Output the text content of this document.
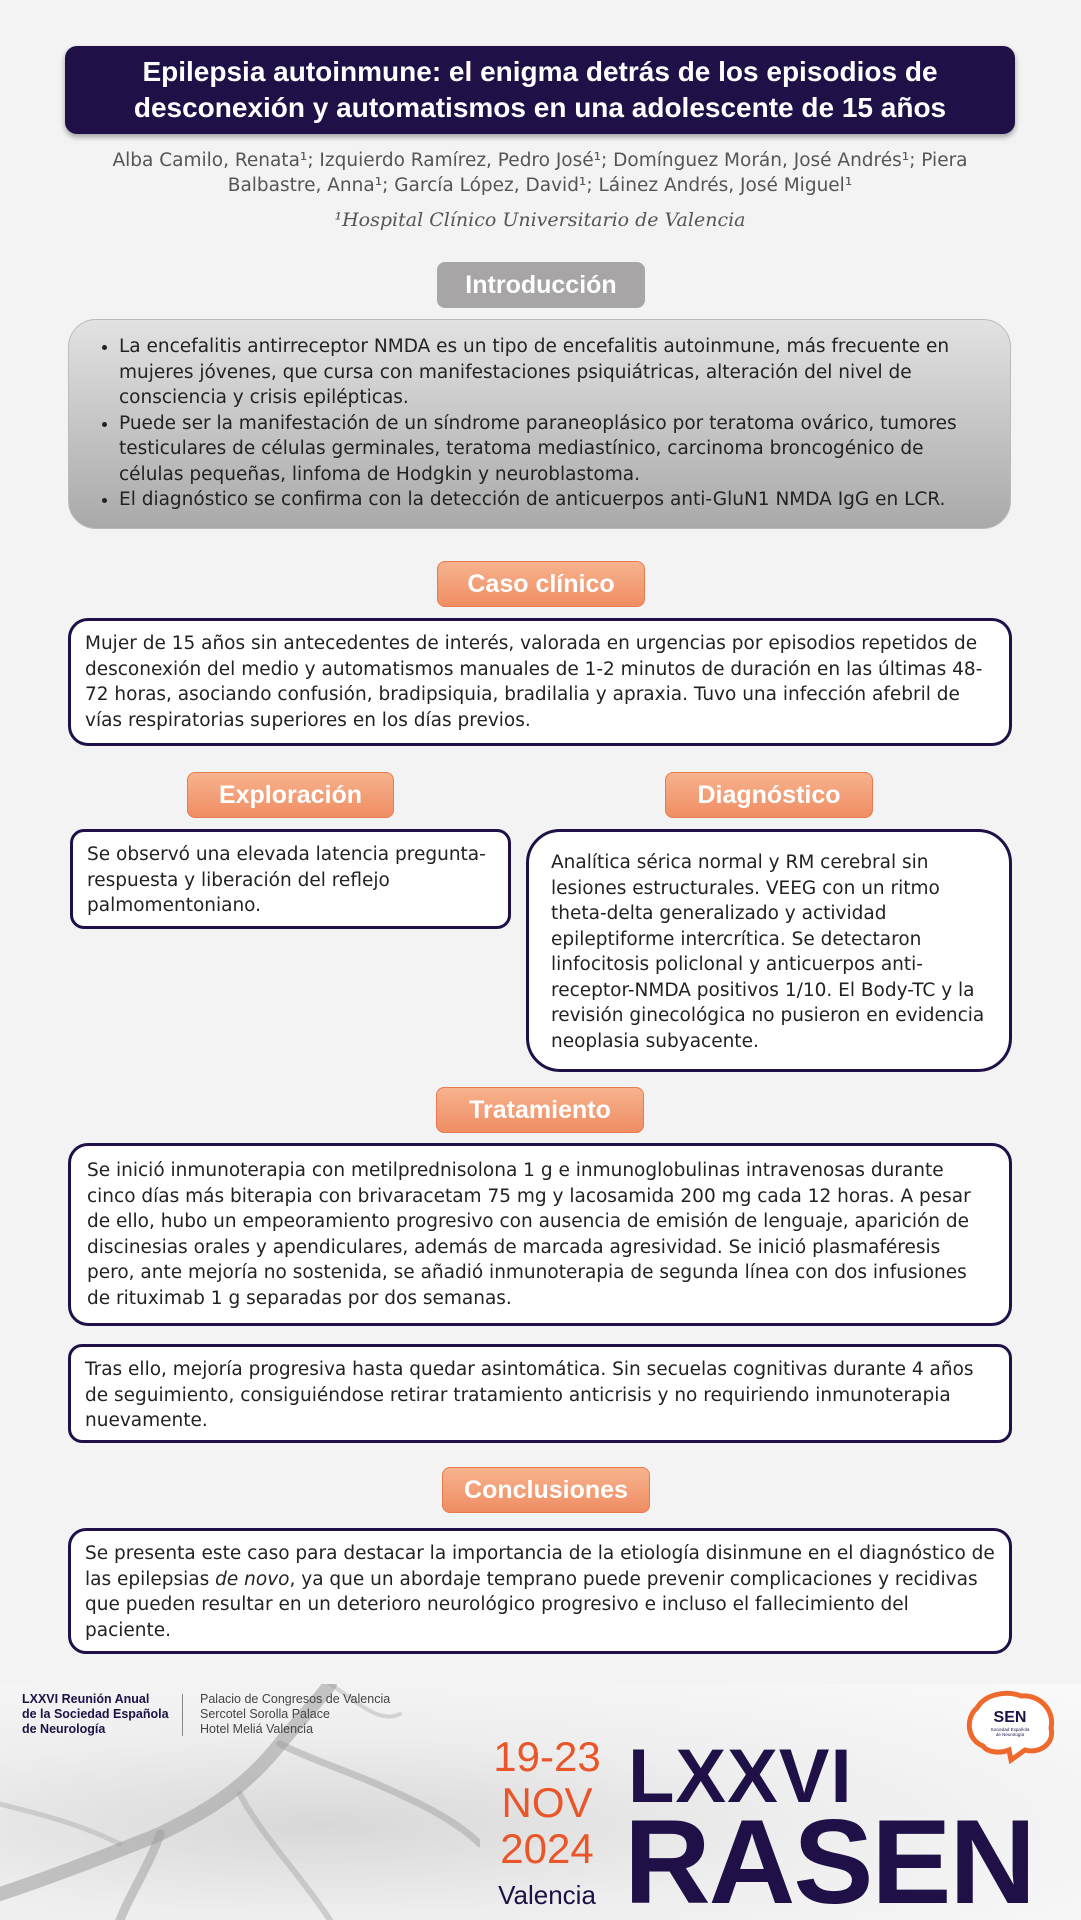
Epilepsia autoinmune: el enigma detrás de los episodios de
desconexión y automatismos en una adolescente de 15 años
Alba Camilo, Renata¹; Izquierdo Ramírez, Pedro José¹; Domínguez Morán, José Andrés¹; Piera
Balbastre, Anna¹; García López, David¹; Láinez Andrés, José Miguel¹
¹Hospital Clínico Universitario de Valencia
Introducción
• La encefalitis antirreceptor NMDA es un tipo de encefalitis autoinmune, más frecuente en mujeres jóvenes, que cursa con manifestaciones psiquiátricas, alteración del nivel de consciencia y crisis epilépticas.
• Puede ser la manifestación de un síndrome paraneoplásico por teratoma ovárico, tumores testiculares de células germinales, teratoma mediastínico, carcinoma broncogénico de células pequeñas, linfoma de Hodgkin y neuroblastoma.
• El diagnóstico se confirma con la detección de anticuerpos anti-GluN1 NMDA IgG en LCR.
Caso clínico
Mujer de 15 años sin antecedentes de interés, valorada en urgencias por episodios repetidos de desconexión del medio y automatismos manuales de 1-2 minutos de duración en las últimas 48-72 horas, asociando confusión, bradipsiquia, bradilalia y apraxia. Tuvo una infección afebril de vías respiratorias superiores en los días previos.
Exploración
Se observó una elevada latencia pregunta-respuesta y liberación del reflejo palmomentoniano.
Diagnóstico
Analítica sérica normal y RM cerebral sin lesiones estructurales. VEEG con un ritmo theta-delta generalizado y actividad epileptiforme intercrítica. Se detectaron linfocitosis policlonal y anticuerpos anti-receptor-NMDA positivos 1/10. El Body-TC y la revisión ginecológica no pusieron en evidencia neoplasia subyacente.
Tratamiento
Se inició inmunoterapia con metilprednisolona 1 g e inmunoglobulinas intravenosas durante cinco días más biterapia con brivaracetam 75 mg y lacosamida 200 mg cada 12 horas. A pesar de ello, hubo un empeoramiento progresivo con ausencia de emisión de lenguaje, aparición de discinesias orales y apendiculares, además de marcada agresividad. Se inició plasmaféresis pero, ante mejoría no sostenida, se añadió inmunoterapia de segunda línea con dos infusiones de rituximab 1 g separadas por dos semanas.
Tras ello, mejoría progresiva hasta quedar asintomática. Sin secuelas cognitivas durante 4 años de seguimiento, consiguiéndose retirar tratamiento anticrisis y no requiriendo inmunoterapia nuevamente.
Conclusiones
Se presenta este caso para destacar la importancia de la etiología disinmune en el diagnóstico de las epilepsias de novo, ya que un abordaje temprano puede prevenir complicaciones y recidivas que pueden resultar en un deterioro neurológico progresivo e incluso el fallecimiento del paciente.
LXXVI Reunión Anual
de la Sociedad Española
de Neurología
Palacio de Congresos de Valencia
Sercotel Sorolla Palace
Hotel Meliá Valencia
19-23
NOV
2024
Valencia
LXXVI
RASEN
SEN
Sociedad Española
de Neurología
